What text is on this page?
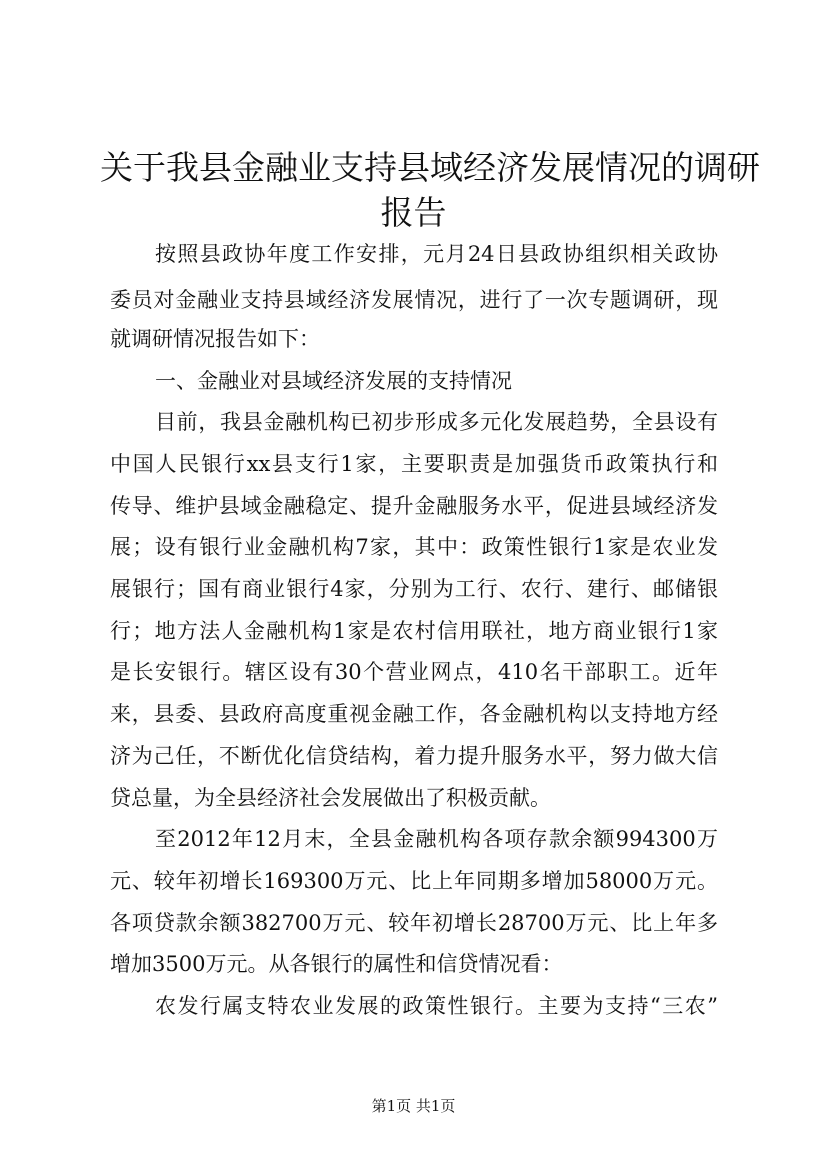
关于我县金融业支持县域经济发展情况的调研
报告
按照县政协年度工作安排，元月24日县政协组织相关政协
委员对金融业支持县域经济发展情况，进行了一次专题调研，现
就调研情况报告如下：
一、金融业对县域经济发展的支持情况
目前，我县金融机构已初步形成多元化发展趋势，全县设有
中国人民银行xx县支行1家，主要职责是加强货币政策执行和
传导、维护县域金融稳定、提升金融服务水平，促进县域经济发
展；设有银行业金融机构7家，其中：政策性银行1家是农业发
展银行；国有商业银行4家，分别为工行、农行、建行、邮储银
行；地方法人金融机构1家是农村信用联社，地方商业银行1家
是长安银行。辖区设有30个营业网点，410名干部职工。近年
来，县委、县政府高度重视金融工作，各金融机构以支持地方经
济为己任，不断优化信贷结构，着力提升服务水平，努力做大信
贷总量，为全县经济社会发展做出了积极贡献。
至2012年12月末，全县金融机构各项存款余额994300万
元、较年初增长169300万元、比上年同期多增加58000万元。
各项贷款余额382700万元、较年初增长28700万元、比上年多
增加3500万元。从各银行的属性和信贷情况看：
农发行属支特农业发展的政策性银行。主要为支持“三农”
第1页 共1页
